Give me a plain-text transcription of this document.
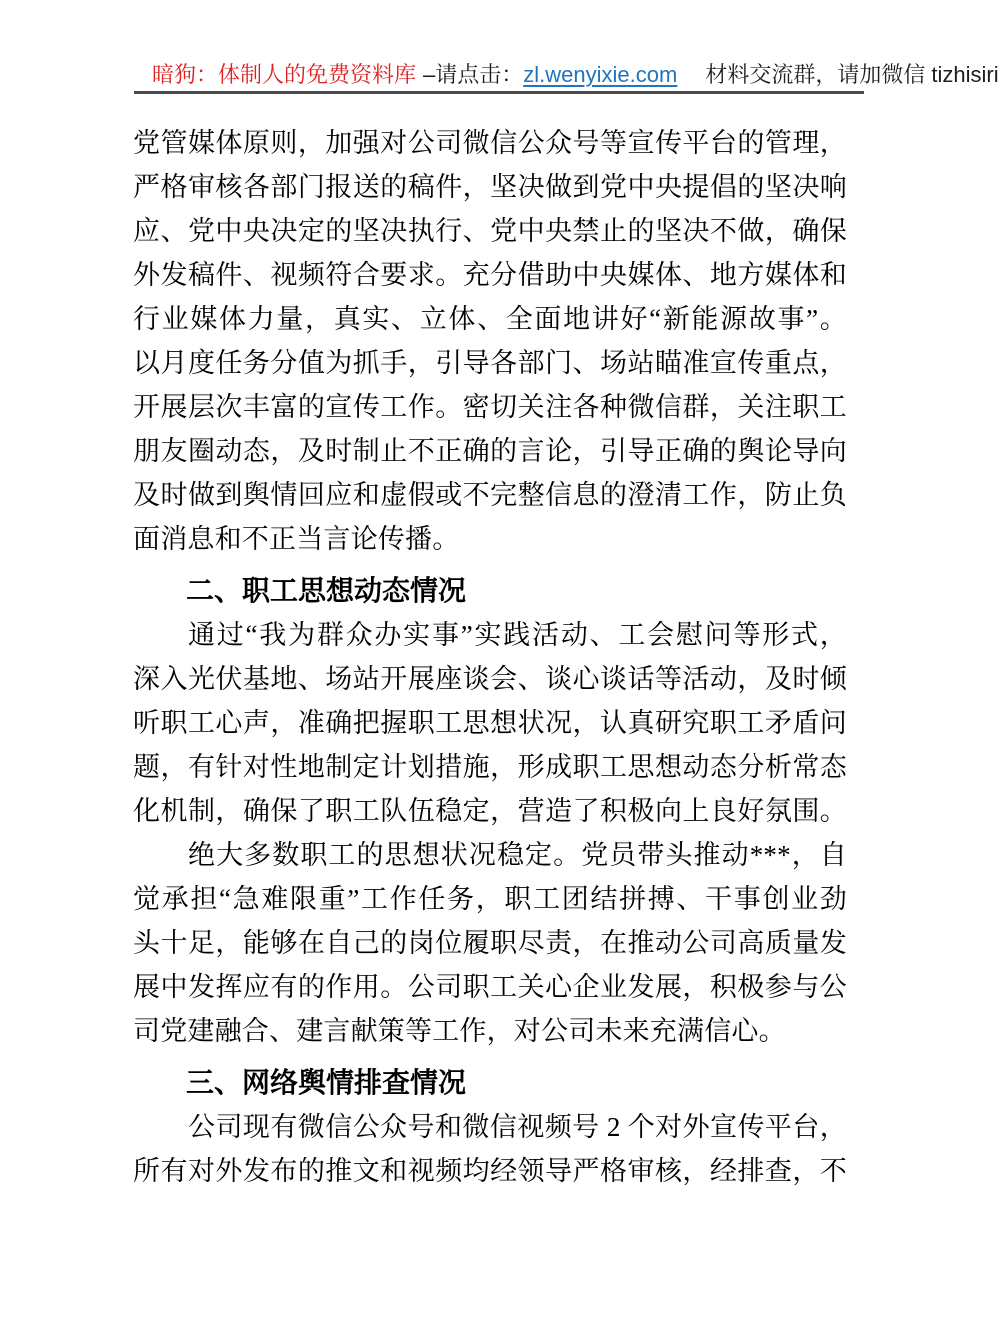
暗狗：体制人的免费资料库 –请点击：zl.wenyixie.com 材料交流群，请加微信 tizhisiri
党管媒体原则，加强对公司微信公众号等宣传平台的管理，
严格审核各部门报送的稿件，坚决做到党中央提倡的坚决响
应、党中央决定的坚决执行、党中央禁止的坚决不做，确保
外发稿件、视频符合要求。充分借助中央媒体、地方媒体和
行业媒体力量，真实、立体、全面地讲好“新能源故事”。
以月度任务分值为抓手，引导各部门、场站瞄准宣传重点，
开展层次丰富的宣传工作。密切关注各种微信群，关注职工
朋友圈动态，及时制止不正确的言论，引导正确的舆论导向
及时做到舆情回应和虚假或不完整信息的澄清工作，防止负
面消息和不正当言论传播。
二、职工思想动态情况
通过“我为群众办实事”实践活动、工会慰问等形式，
深入光伏基地、场站开展座谈会、谈心谈话等活动，及时倾
听职工心声，准确把握职工思想状况，认真研究职工矛盾问
题，有针对性地制定计划措施，形成职工思想动态分析常态
化机制，确保了职工队伍稳定，营造了积极向上良好氛围。
绝大多数职工的思想状况稳定。党员带头推动***，自
觉承担“急难限重”工作任务，职工团结拼搏、干事创业劲
头十足，能够在自己的岗位履职尽责，在推动公司高质量发
展中发挥应有的作用。公司职工关心企业发展，积极参与公
司党建融合、建言献策等工作，对公司未来充满信心。
三、网络舆情排查情况
公司现有微信公众号和微信视频号 2 个对外宣传平台，
所有对外发布的推文和视频均经领导严格审核，经排查，不
